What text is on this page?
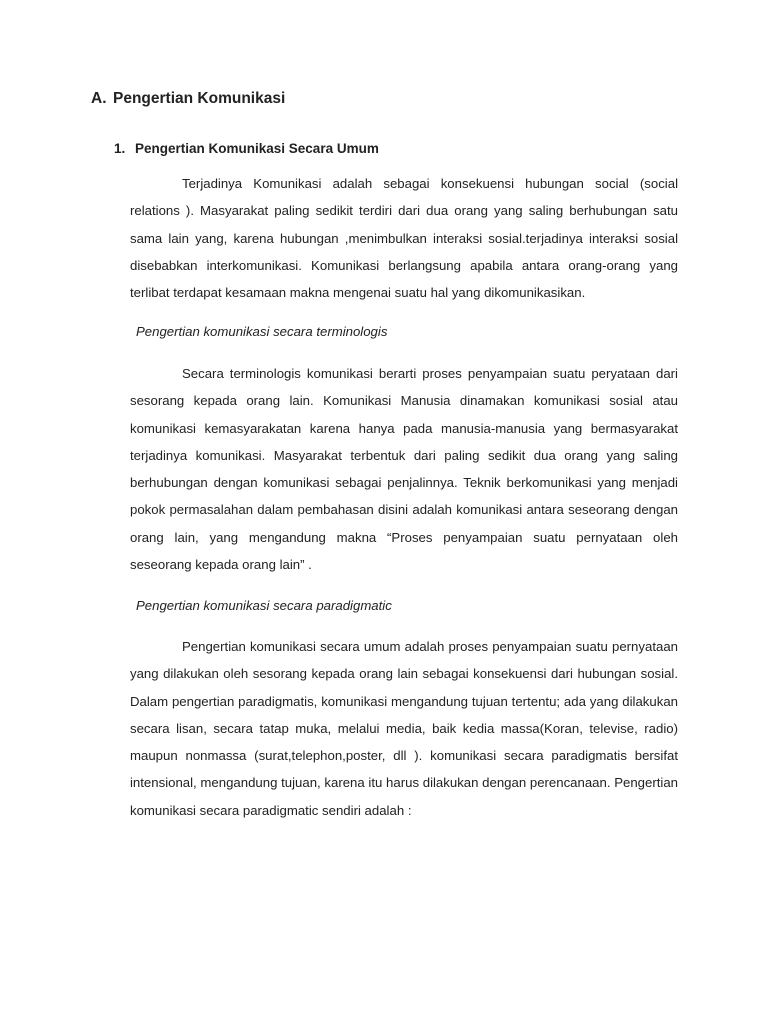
A. Pengertian Komunikasi
1. Pengertian Komunikasi Secara Umum

Terjadinya Komunikasi adalah sebagai konsekuensi hubungan social (social relations ). Masyarakat paling sedikit terdiri dari dua orang yang saling berhubungan satu sama lain yang, karena hubungan ,menimbulkan interaksi sosial.terjadinya interaksi sosial disebabkan interkomunikasi. Komunikasi berlangsung apabila antara orang-orang yang terlibat terdapat kesamaan makna mengenai suatu hal yang dikomunikasikan.

Pengertian komunikasi secara terminologis

Secara terminologis komunikasi berarti proses penyampaian suatu peryataan dari sesorang kepada orang lain. Komunikasi Manusia dinamakan komunikasi sosial atau komunikasi kemasyarakatan karena hanya pada manusia-manusia yang bermasyarakat terjadinya komunikasi. Masyarakat terbentuk dari paling sedikit dua orang yang saling berhubungan dengan komunikasi sebagai penjalinnya. Teknik berkomunikasi yang menjadi pokok permasalahan dalam pembahasan disini adalah komunikasi antara seseorang dengan orang lain, yang mengandung makna “Proses penyampaian suatu pernyataan oleh seseorang kepada orang lain” .

Pengertian komunikasi secara paradigmatic

Pengertian komunikasi secara umum adalah proses penyampaian suatu pernyataan yang dilakukan oleh sesorang kepada orang lain sebagai konsekuensi dari hubungan sosial. Dalam pengertian paradigmatis, komunikasi mengandung tujuan tertentu; ada yang dilakukan secara lisan, secara tatap muka, melalui media, baik kedia massa(Koran, televise, radio) maupun nonmassa (surat,telephon,poster, dll ). komunikasi secara paradigmatis bersifat intensional, mengandung tujuan, karena itu harus dilakukan dengan perencanaan. Pengertian komunikasi secara paradigmatic sendiri adalah :
